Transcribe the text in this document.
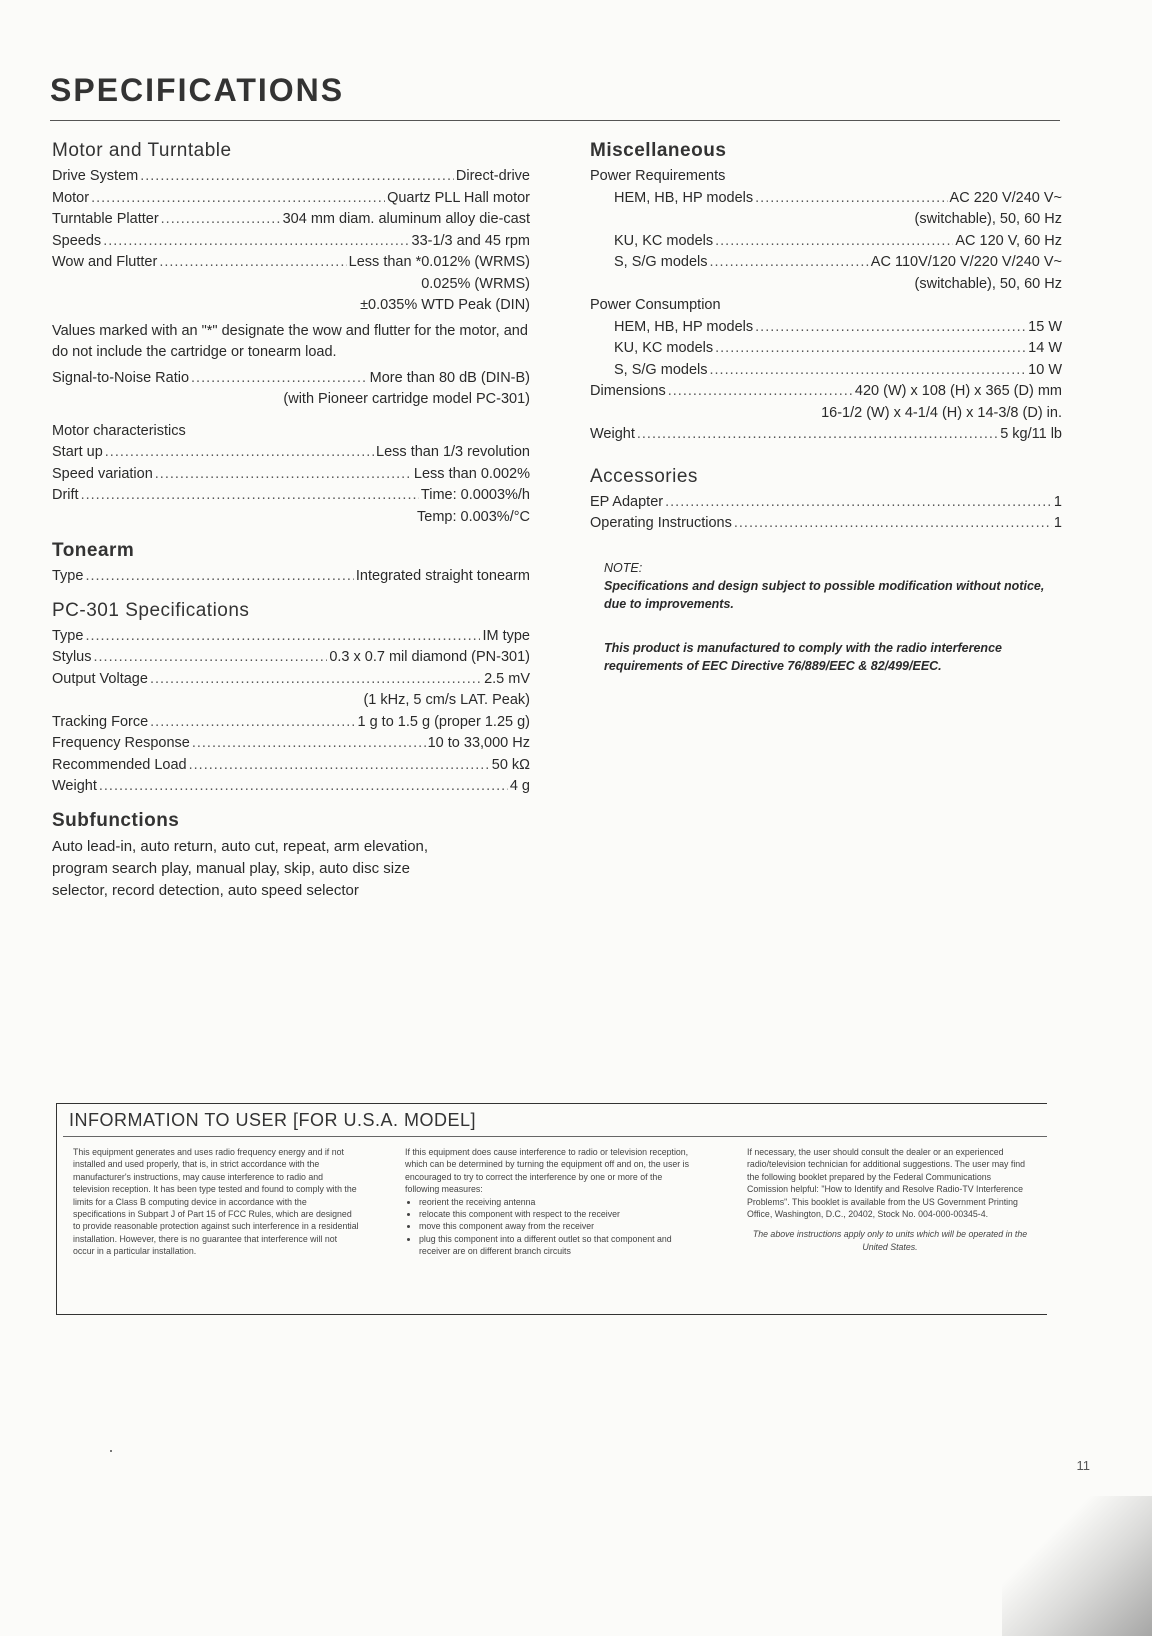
SPECIFICATIONS
Motor and Turntable
Drive System .....	Direct-drive
Motor .....	Quartz PLL Hall motor
Turntable Platter .....	304 mm diam. aluminum alloy die-cast
Speeds .....	33-1/3 and 45 rpm
Wow and Flutter .....	Less than *0.012% (WRMS)
0.025% (WRMS)
±0.035% WTD Peak (DIN)
Values marked with an "*" designate the wow and flutter for the motor, and do not include the cartridge or tonearm load.
Signal-to-Noise Ratio .....	More than 80 dB (DIN-B)
(with Pioneer cartridge model PC-301)
Motor characteristics
Start up .....	Less than 1/3 revolution
Speed variation .....	Less than 0.002%
Drift .....	Time: 0.0003%/h
Temp: 0.003%/°C
Tonearm
Type .....	Integrated straight tonearm
PC-301 Specifications
Type .....	IM type
Stylus .....	0.3 x 0.7 mil diamond (PN-301)
Output Voltage .....	2.5 mV
(1 kHz, 5 cm/s LAT. Peak)
Tracking Force .....	1 g to 1.5 g (proper 1.25 g)
Frequency Response .....	10 to 33,000 Hz
Recommended Load .....	50 kΩ
Weight .....	4 g
Subfunctions
Auto lead-in, auto return, auto cut, repeat, arm elevation, program search play, manual play, skip, auto disc size selector, record detection, auto speed selector
Miscellaneous
Power Requirements
HEM, HB, HP models .....	AC 220 V/240 V~
(switchable), 50, 60 Hz
KU, KC models .....	AC 120 V, 60 Hz
S, S/G models .....	AC 110V/120 V/220 V/240 V~
(switchable), 50, 60 Hz
Power Consumption
HEM, HB, HP models .....	15 W
KU, KC models .....	14 W
S, S/G models .....	10 W
Dimensions .....	420 (W) x 108 (H) x 365 (D) mm
16-1/2 (W) x 4-1/4 (H) x 14-3/8 (D) in.
Weight .....	5 kg/11 lb
Accessories
EP Adapter .....	1
Operating Instructions .....	1
NOTE:
Specifications and design subject to possible modification without notice, due to improvements.
This product is manufactured to comply with the radio interference requirements of EEC Directive 76/889/EEC & 82/499/EEC.
INFORMATION TO USER [FOR U.S.A. MODEL]
This equipment generates and uses radio frequency energy and if not installed and used properly, that is, in strict accordance with the manufacturer's instructions, may cause interference to radio and television reception. It has been type tested and found to comply with the limits for a Class B computing device in accordance with the specifications in Subpart J of Part 15 of FCC Rules, which are designed to provide reasonable protection against such interference in a residential installation. However, there is no guarantee that interference will not occur in a particular installation.
If this equipment does cause interference to radio or television reception, which can be determined by turning the equipment off and on, the user is encouraged to try to correct the interference by one or more of the following measures:
• reorient the receiving antenna
• relocate this component with respect to the receiver
• move this component away from the receiver
• plug this component into a different outlet so that component and receiver are on different branch circuits
If necessary, the user should consult the dealer or an experienced radio/television technician for additional suggestions. The user may find the following booklet prepared by the Federal Communications Comission helpful: "How to Identify and Resolve Radio-TV Interference Problems". This booklet is available from the US Government Printing Office, Washington, D.C., 20402, Stock No. 004-000-00345-4.
The above instructions apply only to units which will be operated in the United States.
11
